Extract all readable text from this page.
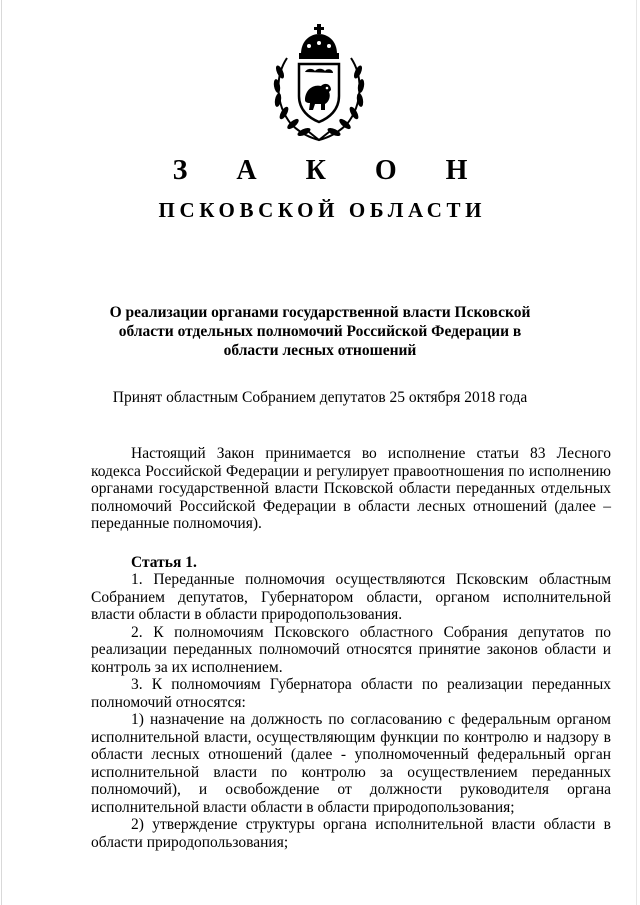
З А К О Н
ПСКОВСКОЙ ОБЛАСТИ

О реализации органами государственной власти Псковской области отдельных полномочий Российской Федерации в области лесных отношений

Принят областным Собранием депутатов 25 октября 2018 года

Настоящий Закон принимается во исполнение статьи 83 Лесного кодекса Российской Федерации и регулирует правоотношения по исполнению органами государственной власти Псковской области переданных отдельных полномочий Российской Федерации в области лесных отношений (далее – переданные полномочия).

Статья 1.

1. Переданные полномочия осуществляются Псковским областным Собранием депутатов, Губернатором области, органом исполнительной власти области в области природопользования.

2. К полномочиям Псковского областного Собрания депутатов по реализации переданных полномочий относятся принятие законов области и контроль за их исполнением.

3. К полномочиям Губернатора области по реализации переданных полномочий относятся:

1) назначение на должность по согласованию с федеральным органом исполнительной власти, осуществляющим функции по контролю и надзору в области лесных отношений (далее - уполномоченный федеральный орган исполнительной власти по контролю за осуществлением переданных полномочий), и освобождение от должности руководителя органа исполнительной власти области в области природопользования;

2) утверждение структуры органа исполнительной власти области в области природопользования;
